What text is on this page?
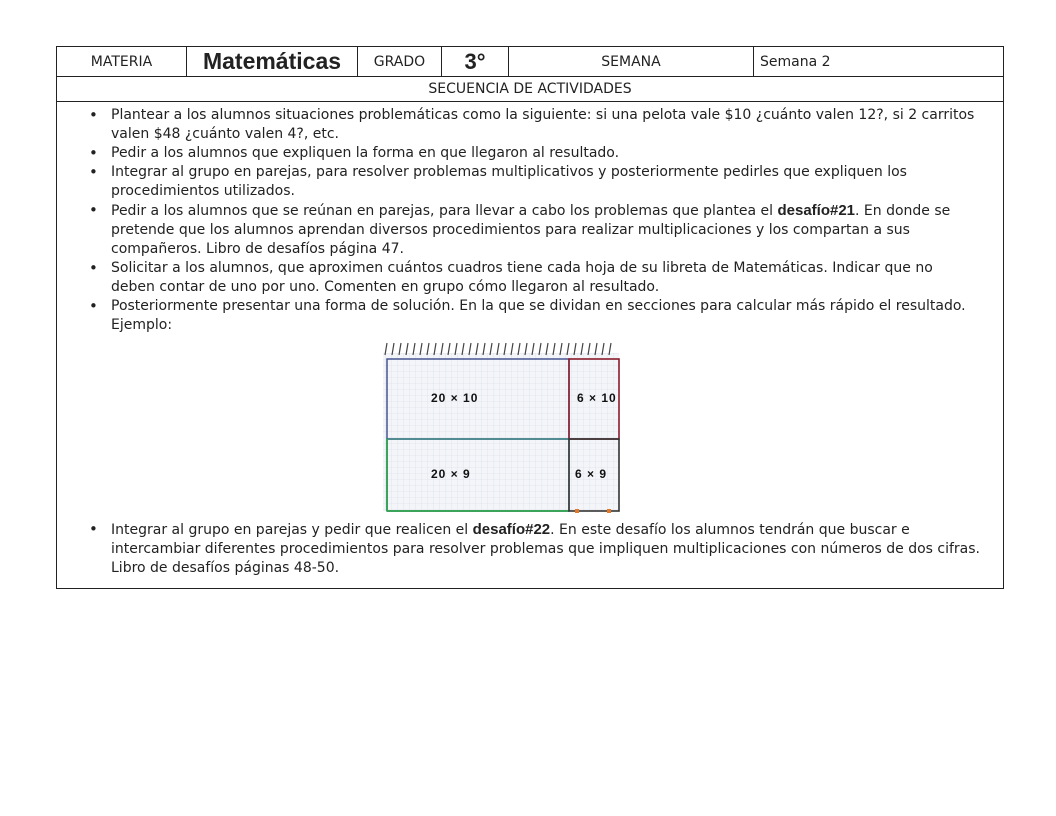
MATERIA	Matemáticas	GRADO	3°	SEMANA	Semana 2
SECUENCIA DE ACTIVIDADES

• Plantear a los alumnos situaciones problemáticas como la siguiente: si una pelota vale $10 ¿cuánto valen 12?, si 2 carritos valen $48 ¿cuánto valen 4?, etc.
• Pedir a los alumnos que expliquen la forma en que llegaron al resultado.
• Integrar al grupo en parejas, para resolver problemas multiplicativos y posteriormente pedirles que expliquen los procedimientos utilizados.
• Pedir a los alumnos que se reúnan en parejas, para llevar a cabo los problemas que plantea el desafío#21. En donde se pretende que los alumnos aprendan diversos procedimientos para realizar multiplicaciones y los compartan a sus compañeros. Libro de desafíos página 47.
• Solicitar a los alumnos, que aproximen cuántos cuadros tiene cada hoja de su libreta de Matemáticas. Indicar que no deben contar de uno por uno. Comenten en grupo cómo llegaron al resultado.
• Posteriormente presentar una forma de solución. En la que se dividan en secciones para calcular más rápido el resultado. Ejemplo:
20 × 10	6 × 10
20 × 9	6 × 9
• Integrar al grupo en parejas y pedir que realicen el desafío#22. En este desafío los alumnos tendrán que buscar e intercambiar diferentes procedimientos para resolver problemas que impliquen multiplicaciones con números de dos cifras. Libro de desafíos páginas 48-50.
